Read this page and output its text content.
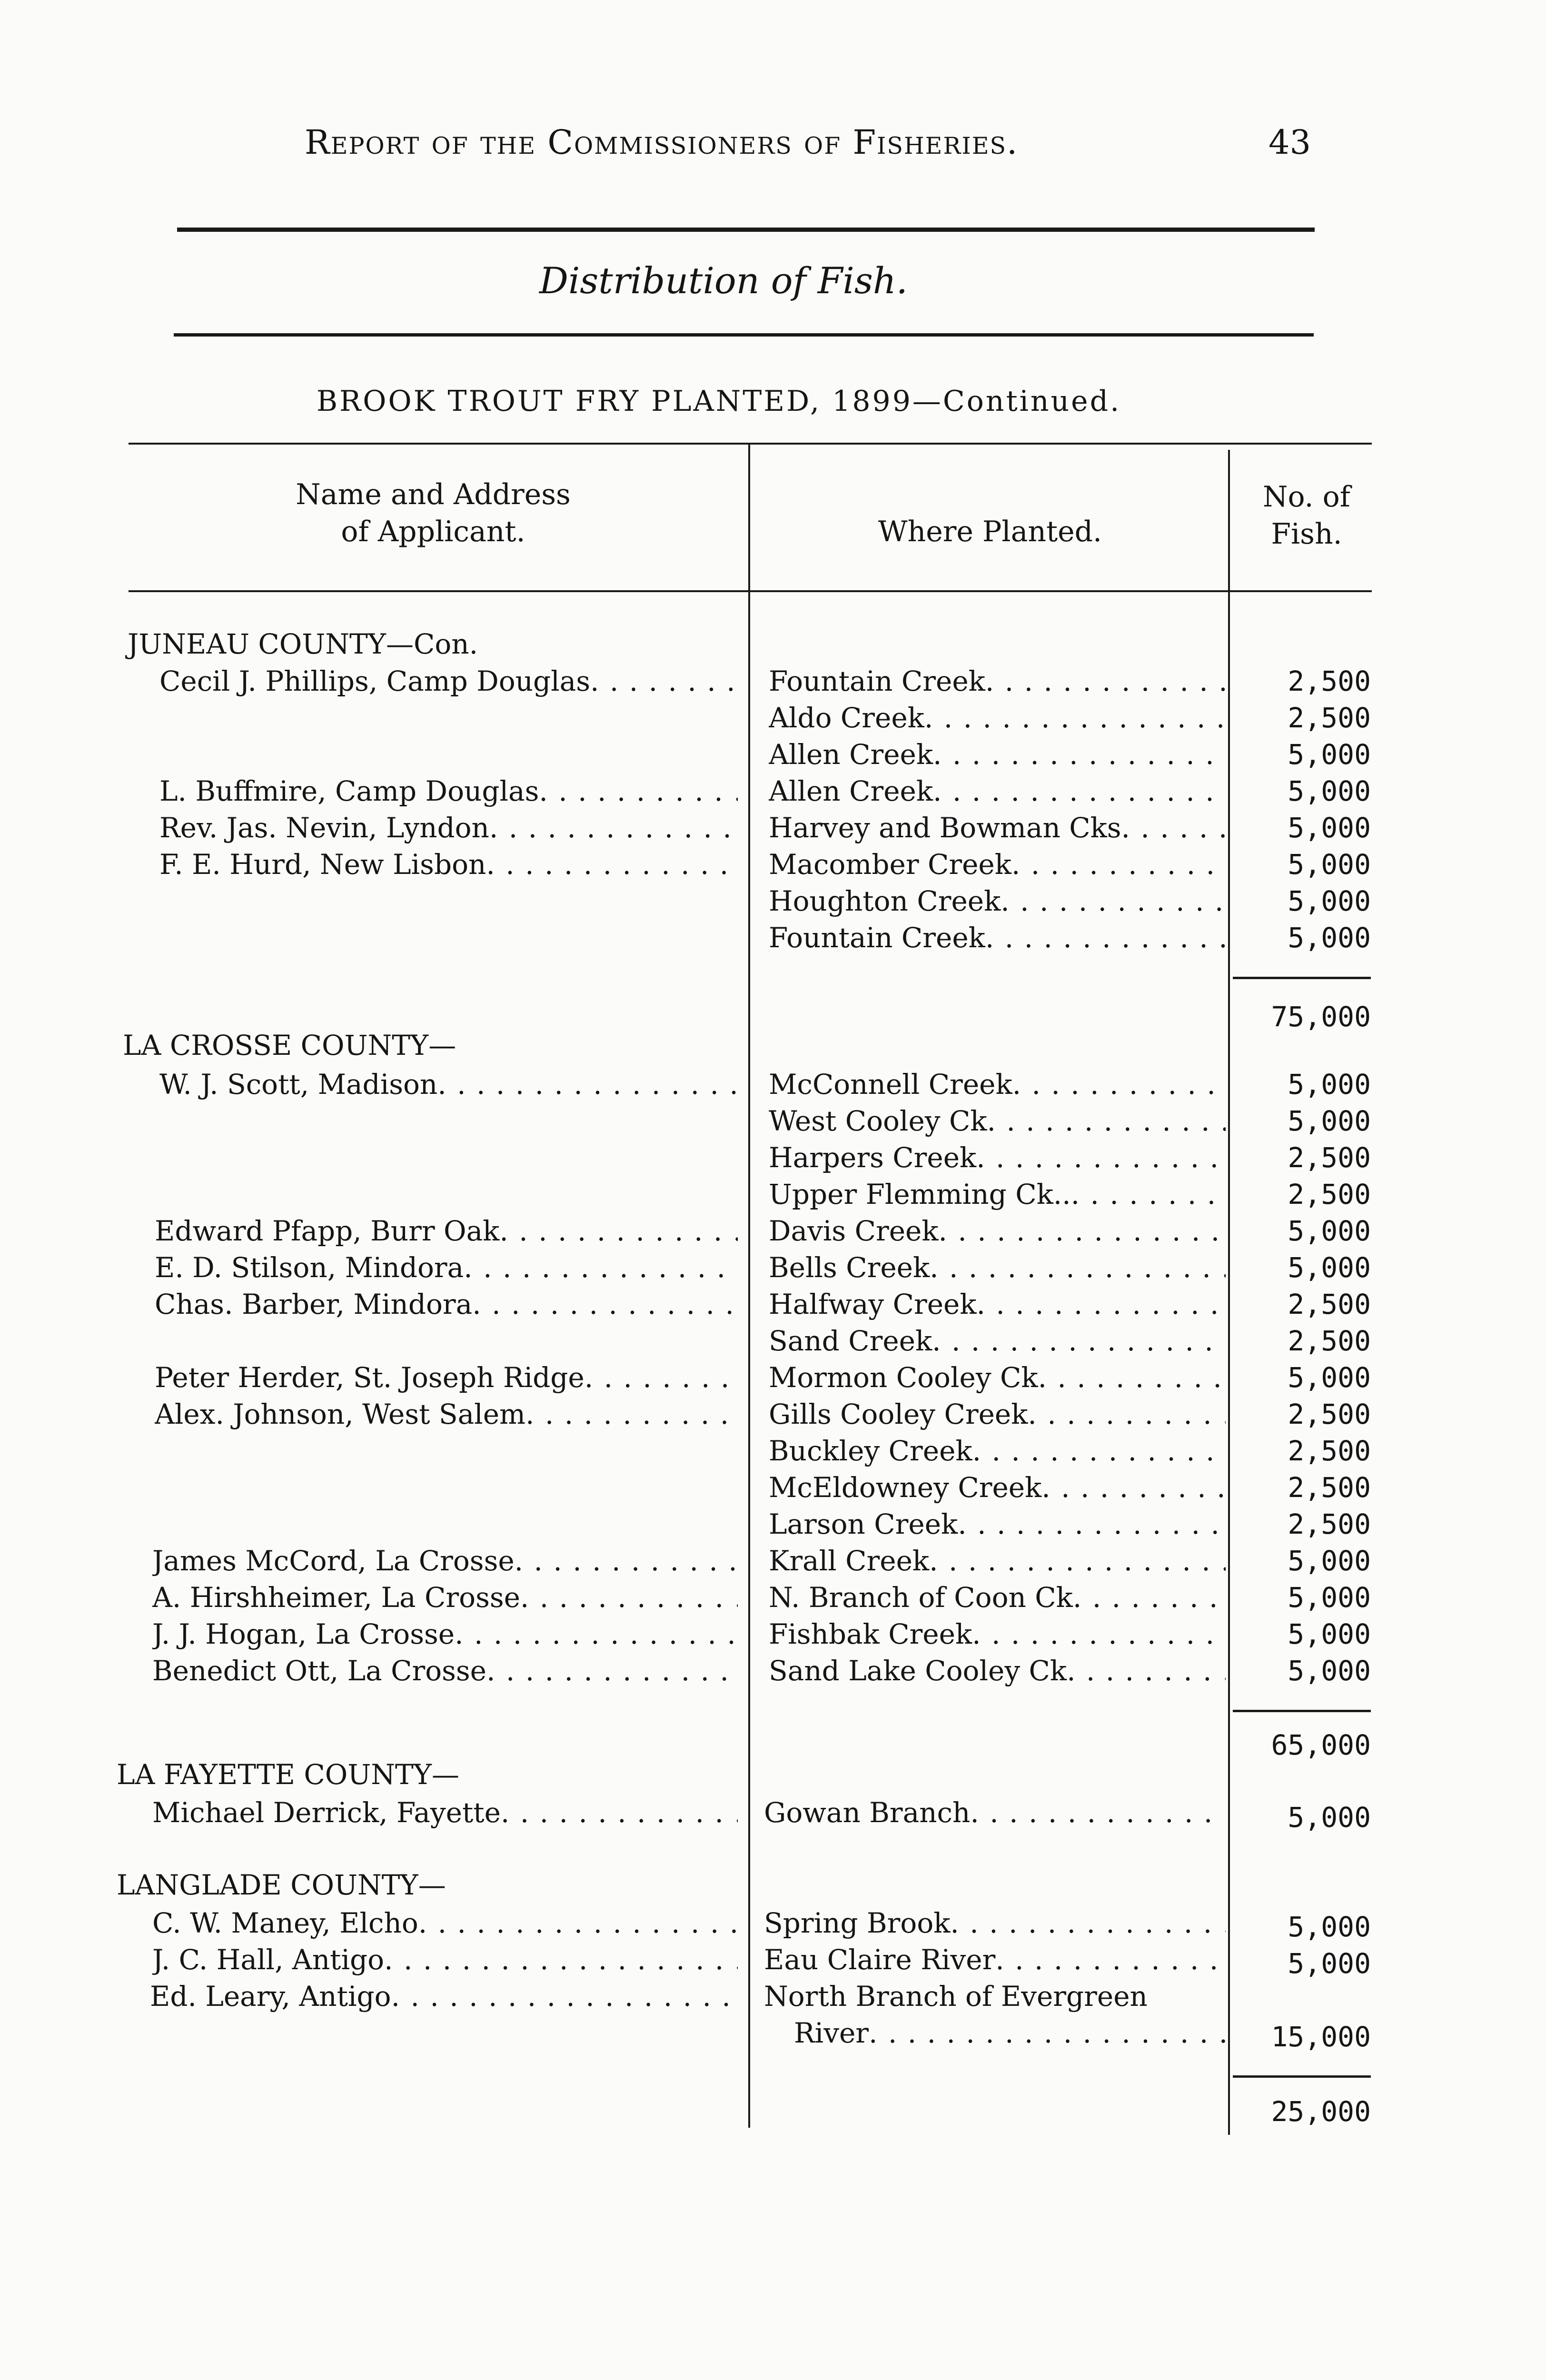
Report of the Commissioners of Fisheries.	43
Distribution of Fish.
BROOK TROUT FRY PLANTED, 1899—Continued.
Name and Address
of Applicant.	Where Planted.
No. of
Fish.
JUNEAU COUNTY—Con.
Cecil J. Phillips, Camp Douglas . . .	Fountain Creek . . .	2,500
Aldo Creek . . .	2,500
Allen Creek . . .	5,000
L. Buffmire, Camp Douglas . . .	Allen Creek . . .	5,000
Rev. Jas. Nevin, Lyndon . . .	Harvey and Bowman Cks . . .	5,000
F. E. Hurd, New Lisbon . . .	Macomber Creek . . .	5,000
Houghton Creek . . .	5,000
Fountain Creek . . .	5,000
75,000
LA CROSSE COUNTY—
W. J. Scott, Madison . . .	McConnell Creek . . .	5,000
West Cooley Ck . . .	5,000
Harpers Creek . . .	2,500
Upper Flemming Ck.. . . .	2,500
Edward Pfapp, Burr Oak . . .	Davis Creek . . .	5,000
E. D. Stilson, Mindora . . .	Bells Creek . . .	5,000
Chas. Barber, Mindora . . .	Halfway Creek . . .	2,500
Sand Creek . . .	2,500
Peter Herder, St. Joseph Ridge . . .	Mormon Cooley Ck . . .	5,000
Alex. Johnson, West Salem . . .	Gills Cooley Creek . . .	2,500
Buckley Creek . . .	2,500
McEldowney Creek . . .	2,500
Larson Creek . . .	2,500
James McCord, La Crosse . . .	Krall Creek . . .	5,000
A. Hirshheimer, La Crosse . . .	N. Branch of Coon Ck . . .	5,000
J. J. Hogan, La Crosse . . .	Fishbak Creek . . .	5,000
Benedict Ott, La Crosse . . .	Sand Lake Cooley Ck . . .	5,000
65,000
LA FAYETTE COUNTY—
Michael Derrick, Fayette . . .	Gowan Branch . . .	5,000
LANGLADE COUNTY—
C. W. Maney, Elcho . . .	Spring Brook . . .	5,000
J. C. Hall, Antigo . . .	Eau Claire River . . .	5,000
Ed. Leary, Antigo . . .	North Branch of Evergreen
River . . .	15,000
25,000
